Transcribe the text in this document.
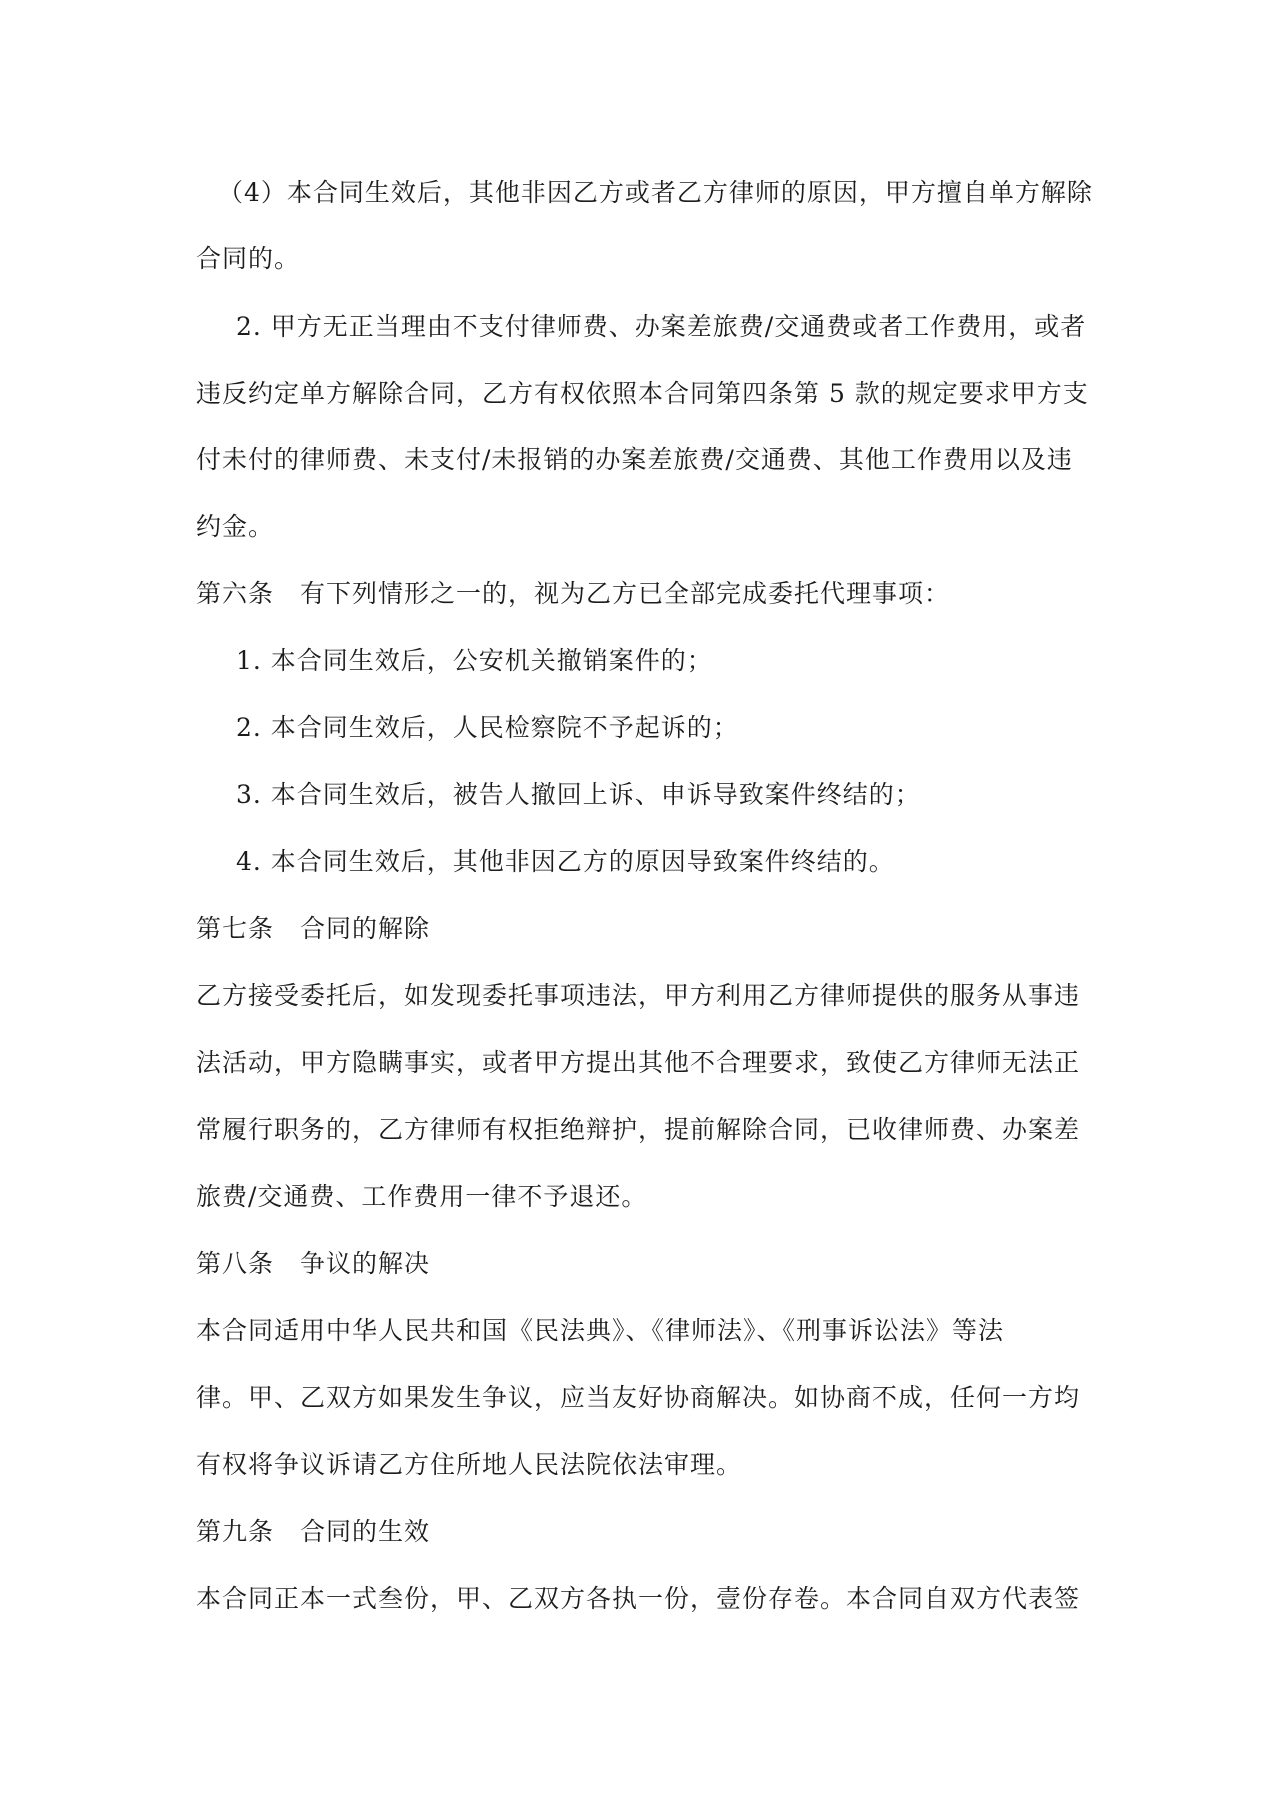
（4）本合同生效后，其他非因乙方或者乙方律师的原因，甲方擅自单方解除
合同的。
2. 甲方无正当理由不支付律师费、办案差旅费/交通费或者工作费用，或者
违反约定单方解除合同，乙方有权依照本合同第四条第 5 款的规定要求甲方支
付未付的律师费、未支付/未报销的办案差旅费/交通费、其他工作费用以及违
约金。
第六条　有下列情形之一的，视为乙方已全部完成委托代理事项：
1. 本合同生效后，公安机关撤销案件的；
2. 本合同生效后，人民检察院不予起诉的；
3. 本合同生效后，被告人撤回上诉、申诉导致案件终结的；
4. 本合同生效后，其他非因乙方的原因导致案件终结的。
第七条　合同的解除
乙方接受委托后，如发现委托事项违法，甲方利用乙方律师提供的服务从事违
法活动，甲方隐瞒事实，或者甲方提出其他不合理要求，致使乙方律师无法正
常履行职务的，乙方律师有权拒绝辩护，提前解除合同，已收律师费、办案差
旅费/交通费、工作费用一律不予退还。
第八条　争议的解决
本合同适用中华人民共和国《民法典》、《律师法》、《刑事诉讼法》等法
律。甲、乙双方如果发生争议，应当友好协商解决。如协商不成，任何一方均
有权将争议诉请乙方住所地人民法院依法审理。
第九条　合同的生效
本合同正本一式叁份，甲、乙双方各执一份，壹份存卷。本合同自双方代表签
